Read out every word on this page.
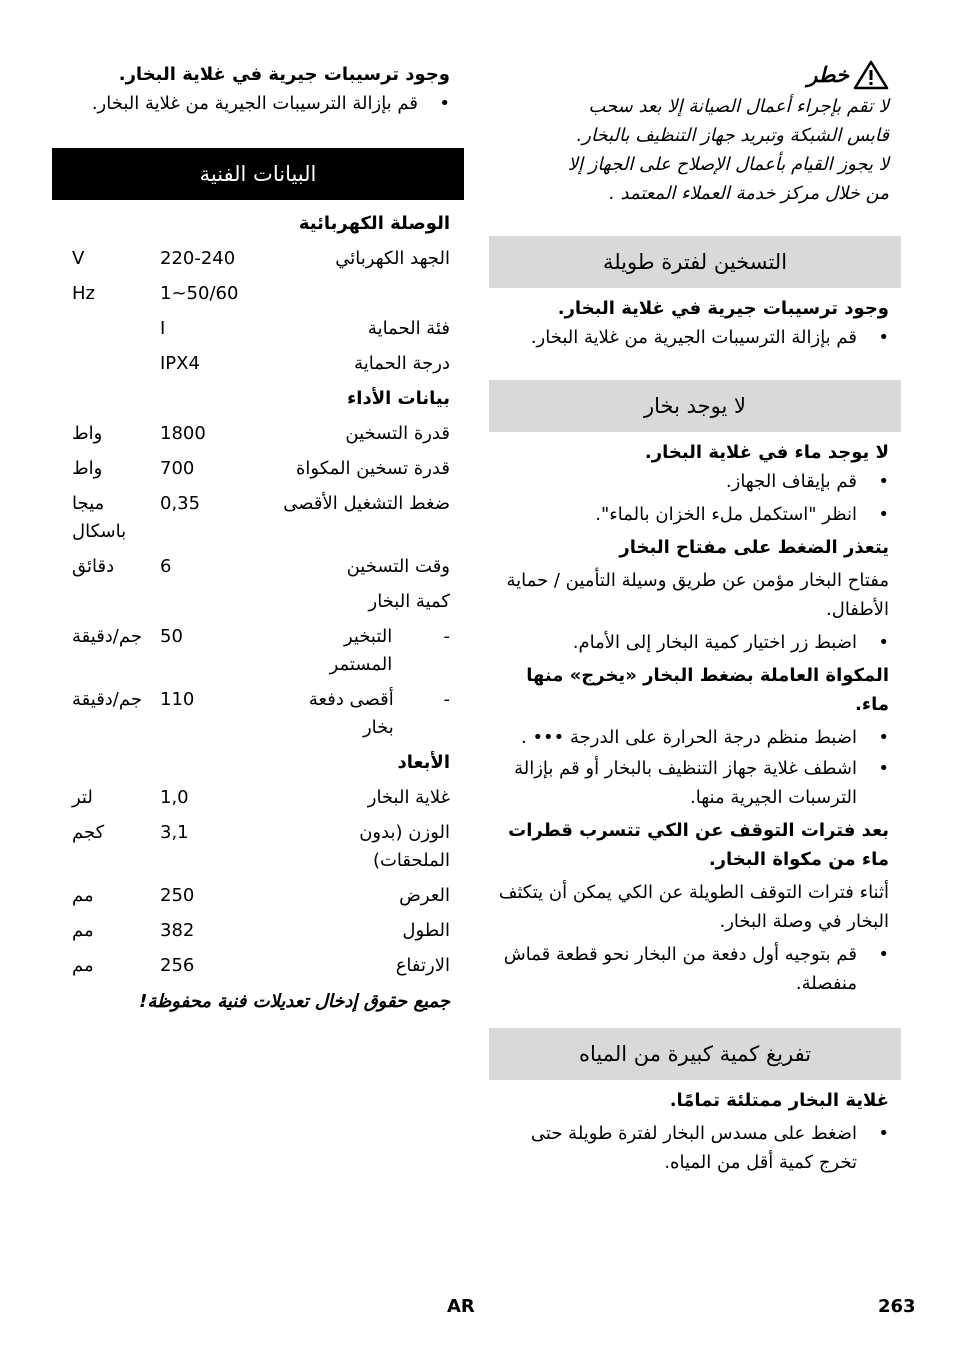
خطر
لا تقم بإجراء أعمال الصيانة إلا بعد سحب
قابس الشبكة وتبريد جهاز التنظيف بالبخار.
لا يجوز القيام بأعمال الإصلاح على الجهاز إلا
من خلال مركز خدمة العملاء المعتمد .
التسخين لفترة طويلة
وجود ترسيبات جيرية في غلاية البخار.
• قم بإزالة الترسيبات الجيرية من غلاية البخار.
لا يوجد بخار
لا يوجد ماء في غلاية البخار.
• قم بإيقاف الجهاز.
• انظر "استكمل ملء الخزان بالماء".
يتعذر الضغط على مفتاح البخار
مفتاح البخار مؤمن عن طريق وسيلة التأمين / حماية الأطفال.
• اضبط زر اختيار كمية البخار إلى الأمام.
المكواة العاملة بضغط البخار «يخرج» منها ماء.
• اضبط منظم درجة الحرارة على الدرجة ••• .
• اشطف غلاية جهاز التنظيف بالبخار أو قم بإزالة الترسبات الجيرية منها.
بعد فترات التوقف عن الكي تتسرب قطرات ماء من مكواة البخار.
أثناء فترات التوقف الطويلة عن الكي يمكن أن يتكثف البخار في وصلة البخار.
• قم بتوجيه أول دفعة من البخار نحو قطعة قماش منفصلة.
تفريغ كمية كبيرة من المياه
غلاية البخار ممتلئة تمامًا.
• اضغط على مسدس البخار لفترة طويلة حتى تخرج كمية أقل من المياه.
وجود ترسيبات جيرية في غلاية البخار.
• قم بإزالة الترسيبات الجيرية من غلاية البخار.
البيانات الفنية
الوصلة الكهربائية		
الجهد الكهربائي	220-240	V
	1~50/60	Hz
فئة الحماية	I	
درجة الحماية	IPX4	
بيانات الأداء		
قدرة التسخين	1800	واط
قدرة تسخين المكواة	700	واط
ضغط التشغيل الأقصى	0,35	ميجا باسكال
وقت التسخين	6	دقائق
كمية البخار		

-
التبخير المستمر	50	جم/دقيقة

-
أقصى دفعة بخار	110	جم/دقيقة
الأبعاد		
غلاية البخار	1,0	لتر
الوزن (بدون الملحقات)	3,1	كجم
العرض	250	مم
الطول	382	مم
الارتفاع	256	مم
جميع حقوق إدخال تعديلات فنية محفوظة!
AR	263
